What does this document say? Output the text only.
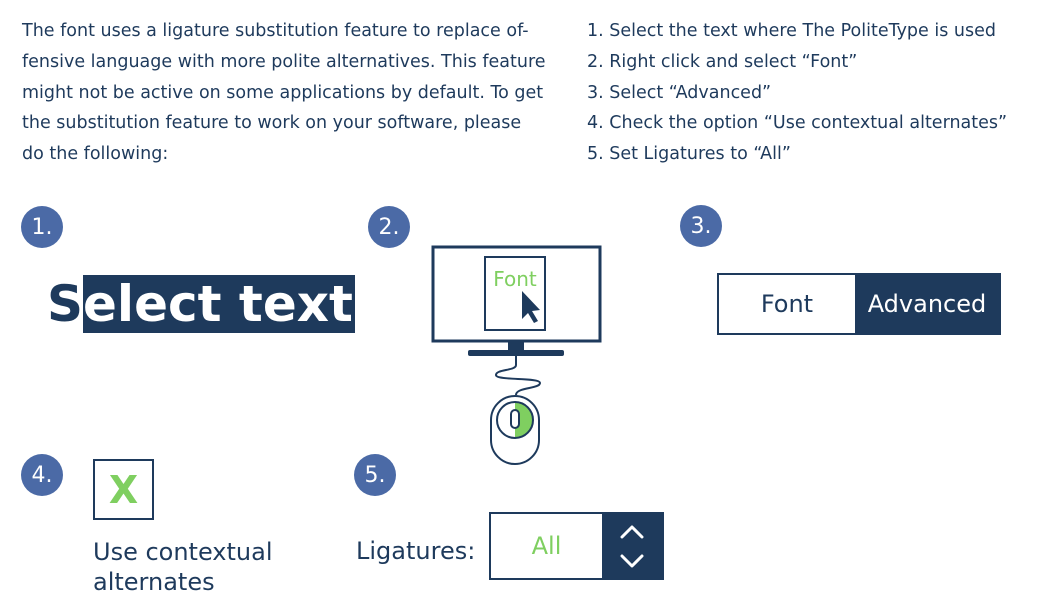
The font uses a ligature substitution feature to replace of-
fensive language with more polite alternatives. This feature
might not be active on some applications by default. To get
the substitution feature to work on your software, please
do the following:

1. Select the text where The PoliteType is used
2. Right click and select “Font”
3. Select “Advanced”
4. Check the option “Use contextual alternates”
5. Set Ligatures to “All”
1.	2.	3.
4.	5.
Select text	Font
Font	Advanced
X
Use contextual
alternates
Ligatures:	All
